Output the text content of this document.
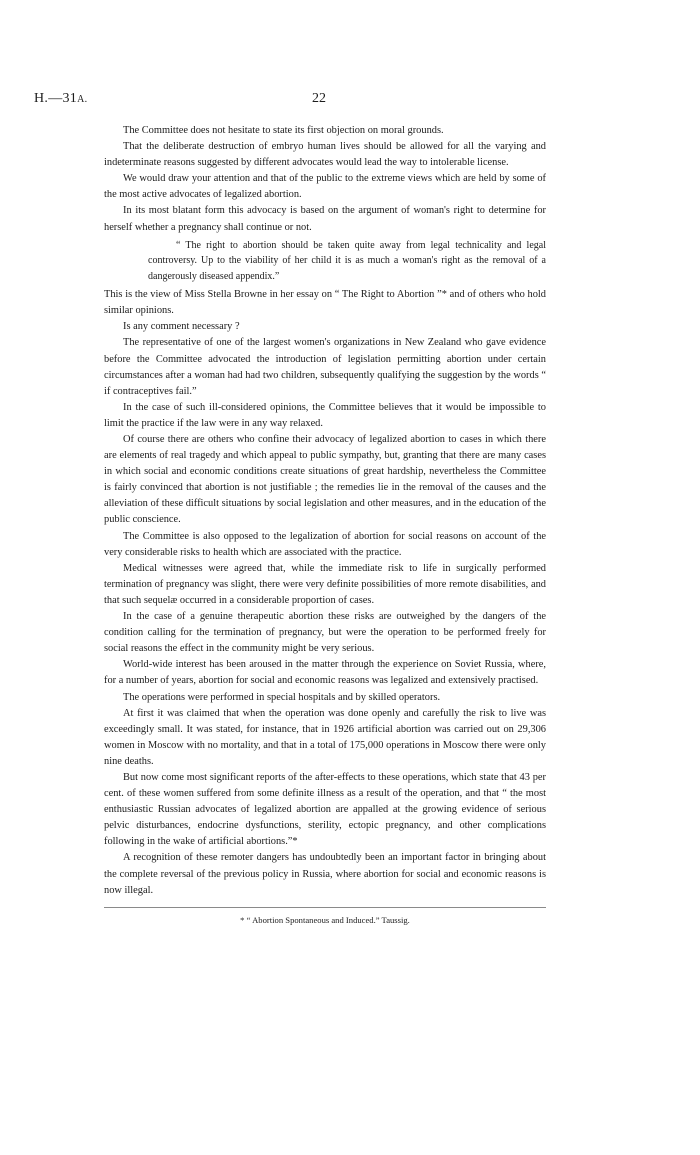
H.—31A.	22

The Committee does not hesitate to state its first objection on moral grounds.

That the deliberate destruction of embryo human lives should be allowed for all the varying and indeterminate reasons suggested by different advocates would lead the way to intolerable license.

We would draw your attention and that of the public to the extreme views which are held by some of the most active advocates of legalized abortion.

In its most blatant form this advocacy is based on the argument of woman's right to determine for herself whether a pregnancy shall continue or not.

“ The right to abortion should be taken quite away from legal technicality and legal controversy. Up to the viability of her child it is as much a woman's right as the removal of a dangerously diseased appendix.”

This is the view of Miss Stella Browne in her essay on “ The Right to Abortion ”* and of others who hold similar opinions.

Is any comment necessary ?

The representative of one of the largest women's organizations in New Zealand who gave evidence before the Committee advocated the introduction of legislation permitting abortion under certain circumstances after a woman had had two children, subsequently qualifying the suggestion by the words “ if contraceptives fail.”

In the case of such ill-considered opinions, the Committee believes that it would be impossible to limit the practice if the law were in any way relaxed.

Of course there are others who confine their advocacy of legalized abortion to cases in which there are elements of real tragedy and which appeal to public sympathy, but, granting that there are many cases in which social and economic conditions create situations of great hardship, nevertheless the Committee is fairly convinced that abortion is not justifiable ; the remedies lie in the removal of the causes and the alleviation of these difficult situations by social legislation and other measures, and in the education of the public conscience.

The Committee is also opposed to the legalization of abortion for social reasons on account of the very considerable risks to health which are associated with the practice.

Medical witnesses were agreed that, while the immediate risk to life in surgically performed termination of pregnancy was slight, there were very definite possibilities of more remote disabilities, and that such sequelæ occurred in a considerable proportion of cases.

In the case of a genuine therapeutic abortion these risks are outweighed by the dangers of the condition calling for the termination of pregnancy, but were the operation to be performed freely for social reasons the effect in the community might be very serious.

World-wide interest has been aroused in the matter through the experience on Soviet Russia, where, for a number of years, abortion for social and economic reasons was legalized and extensively practised.

The operations were performed in special hospitals and by skilled operators.

At first it was claimed that when the operation was done openly and carefully the risk to live was exceedingly small. It was stated, for instance, that in 1926 artificial abortion was carried out on 29,306 women in Moscow with no mortality, and that in a total of 175,000 operations in Moscow there were only nine deaths.

But now come most significant reports of the after-effects to these operations, which state that 43 per cent. of these women suffered from some definite illness as a result of the operation, and that “ the most enthusiastic Russian advocates of legalized abortion are appalled at the growing evidence of serious pelvic disturbances, endocrine dysfunctions, sterility, ectopic pregnancy, and other complications following in the wake of artificial abortions.”*

A recognition of these remoter dangers has undoubtedly been an important factor in bringing about the complete reversal of the previous policy in Russia, where abortion for social and economic reasons is now illegal.

* “ Abortion Spontaneous and Induced.” Taussig.
